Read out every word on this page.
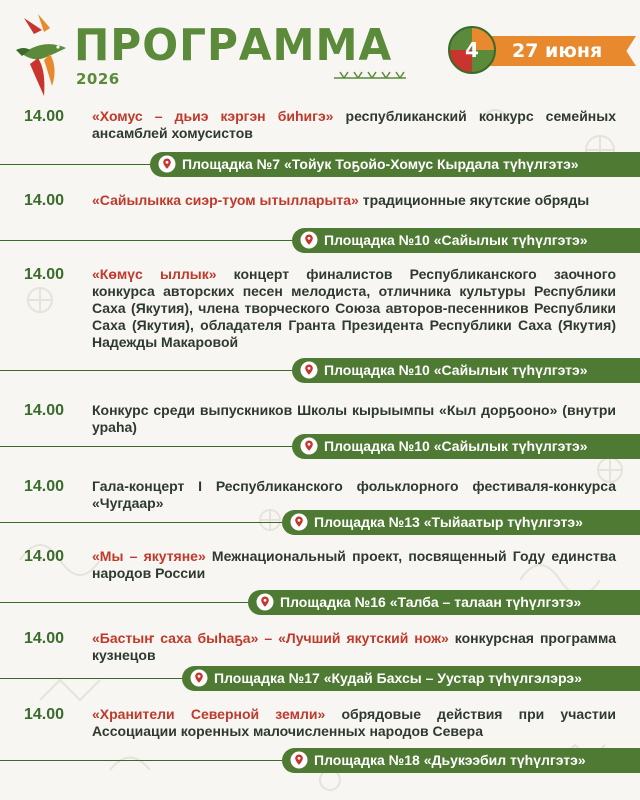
ПРОГРАММА
2026
4	27 июня
14.00	«Хомус – дьиэ кэргэн биһигэ» республиканский конкурс семейных ансамблей хомусистов
Площадка №7 «Тойук Тоҕойо-Хомус Кырдала түһүлгэтэ»
14.00	«Сайылыкка сиэр-туом ытылларыта» традиционные якутские обряды
Площадка №10 «Сайылык түһүлгэтэ»
14.00	«Көмүс ыллык» концерт финалистов Республиканского заочного конкурса авторских песен мелодиста, отличника культуры Республики Саха (Якутия), члена творческого Союза авторов-песенников Республики Саха (Якутия), обладателя Гранта Президента Республики Саха (Якутия) Надежды Макаровой
Площадка №10 «Сайылык түһүлгэтэ»
14.00	Конкурс среди выпускников Школы кырыымпы «Кыл дорҕооно» (внутри ураһа)
Площадка №10 «Сайылык түһүлгэтэ»
14.00	Гала-концерт I Республиканского фольклорного фестиваля-конкурса «Чугдаар»
Площадка №13 «Тыйаатыр түһүлгэтэ»
14.00	«Мы – якутяне» Межнациональный проект, посвященный Году единства народов России
Площадка №16 «Талба – талаан түһүлгэтэ»
14.00	«Бастыҥ саха быһаҕа» – «Лучший якутский нож» конкурсная программа кузнецов
Площадка №17 «Кудай Бахсы – Уустар түһүлгэлэрэ»
14.00	«Хранители Северной земли» обрядовые действия при участии Ассоциации коренных малочисленных народов Севера
Площадка №18 «Дьукээбил түһүлгэтэ»
